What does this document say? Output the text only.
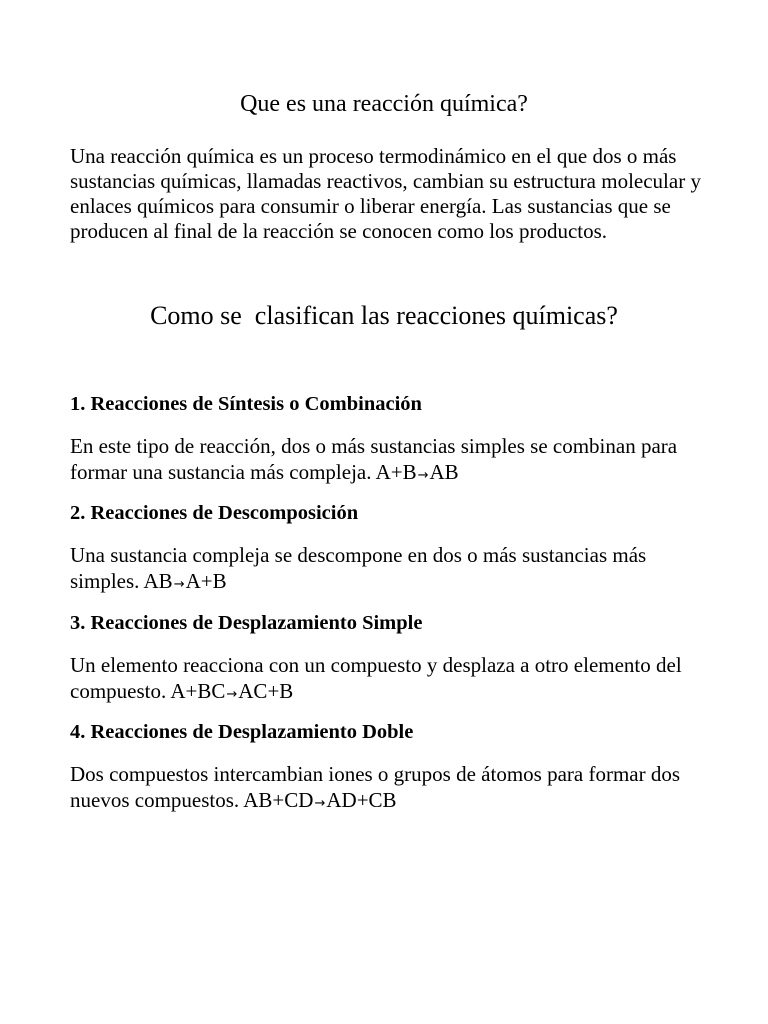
Que es una reacción química?

Una reacción química es un proceso termodinámico en el que dos o más sustancias químicas, llamadas reactivos, cambian su estructura molecular y enlaces químicos para consumir o liberar energía. Las sustancias que se producen al final de la reacción se conocen como los productos.

Como se  clasifican las reacciones químicas?

1. Reacciones de Síntesis o Combinación

En este tipo de reacción, dos o más sustancias simples se combinan para formar una sustancia más compleja. A+B→AB

2. Reacciones de Descomposición

Una sustancia compleja se descompone en dos o más sustancias más simples. AB→A+B

3. Reacciones de Desplazamiento Simple

Un elemento reacciona con un compuesto y desplaza a otro elemento del compuesto. A+BC→AC+B

4. Reacciones de Desplazamiento Doble

Dos compuestos intercambian iones o grupos de átomos para formar dos nuevos compuestos. AB+CD→AD+CB
